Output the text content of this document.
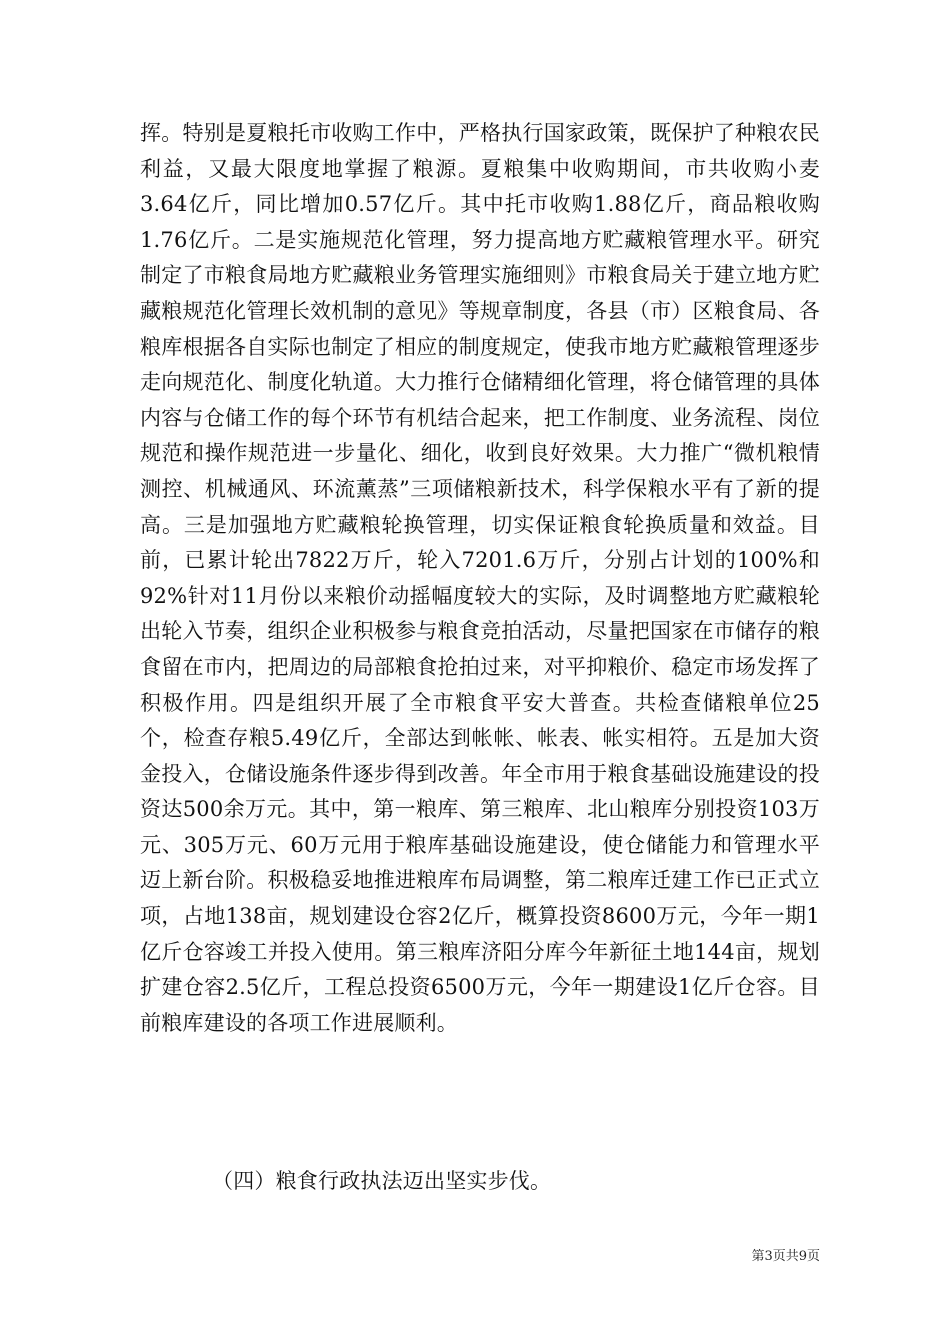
挥。特别是夏粮托市收购工作中，严格执行国家政策，既保护了种粮农民利益，又最大限度地掌握了粮源。夏粮集中收购期间，市共收购小麦3.64亿斤，同比增加0.57亿斤。其中托市收购1.88亿斤，商品粮收购1.76亿斤。二是实施规范化管理，努力提高地方贮藏粮管理水平。研究制定了市粮食局地方贮藏粮业务管理实施细则》市粮食局关于建立地方贮藏粮规范化管理长效机制的意见》等规章制度，各县（市）区粮食局、各粮库根据各自实际也制定了相应的制度规定，使我市地方贮藏粮管理逐步走向规范化、制度化轨道。大力推行仓储精细化管理，将仓储管理的具体内容与仓储工作的每个环节有机结合起来，把工作制度、业务流程、岗位规范和操作规范进一步量化、细化，收到良好效果。大力推广“微机粮情测控、机械通风、环流薰蒸”三项储粮新技术，科学保粮水平有了新的提高。三是加强地方贮藏粮轮换管理，切实保证粮食轮换质量和效益。目前，已累计轮出7822万斤，轮入7201.6万斤，分别占计划的100%和92%针对11月份以来粮价动摇幅度较大的实际，及时调整地方贮藏粮轮出轮入节奏，组织企业积极参与粮食竞拍活动，尽量把国家在市储存的粮食留在市内，把周边的局部粮食抢拍过来，对平抑粮价、稳定市场发挥了积极作用。四是组织开展了全市粮食平安大普查。共检查储粮单位25个，检查存粮5.49亿斤，全部达到帐帐、帐表、帐实相符。五是加大资金投入，仓储设施条件逐步得到改善。年全市用于粮食基础设施建设的投资达500余万元。其中，第一粮库、第三粮库、北山粮库分别投资103万元、305万元、60万元用于粮库基础设施建设，使仓储能力和管理水平迈上新台阶。积极稳妥地推进粮库布局调整，第二粮库迁建工作已正式立项，占地138亩，规划建设仓容2亿斤，概算投资8600万元，今年一期1亿斤仓容竣工并投入使用。第三粮库济阳分库今年新征土地144亩，规划扩建仓容2.5亿斤，工程总投资6500万元，今年一期建设1亿斤仓容。目前粮库建设的各项工作进展顺利。

（四）粮食行政执法迈出坚实步伐。

第3页共9页
